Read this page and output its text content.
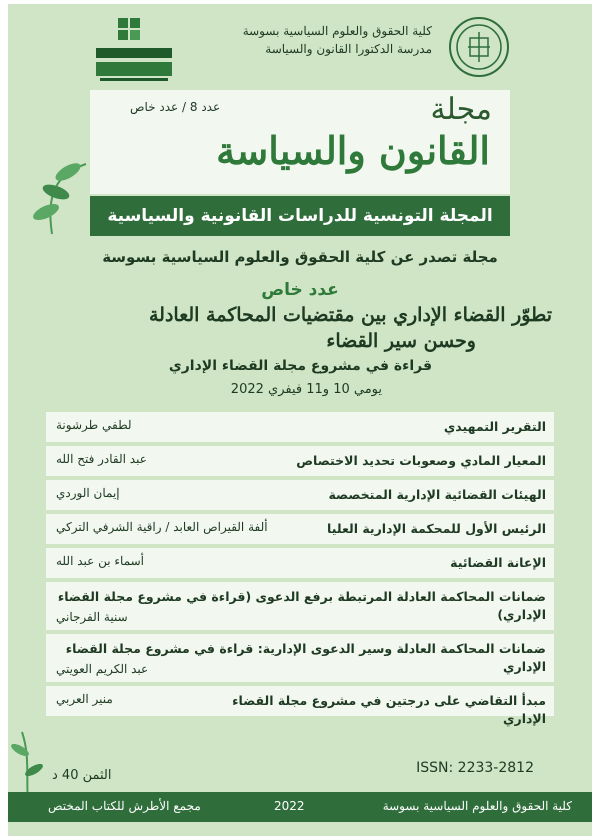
كلية الحقوق والعلوم السياسية بسوسة
مدرسة الدكتورا القانون والسياسة
مجلة
عدد 8 / عدد خاص
القانون والسياسة
المجلة التونسية للدراسات القانونية والسياسية
مجلة تصدر عن كلية الحقوق والعلوم السياسية بسوسة
عدد خاص
تطوّر القضاء الإداري بين مقتضيات المحاكمة العادلة
وحسن سير القضاء
قراءة في مشروع مجلة القضاء الإداري
يومي 10 و11 فيفري 2022
التقرير التمهيدي
لطفي طرشونة
المعيار المادي وصعوبات تحديد الاختصاص
عبد القادر فتح الله
الهيئات القضائية الإدارية المتخصصة
إيمان الوردي
الرئيس الأول للمحكمة الإدارية العليا
ألفة القيراص العابد / راقية الشرفي التركي
الإعانة القضائية
أسماء بن عبد الله
ضمانات المحاكمة العادلة المرتبطة برفع الدعوى (قراءة في مشروع مجلة القضاء الإداري)
سنية الفرجاني
ضمانات المحاكمة العادلة وسير الدعوى الإدارية: قراءة في مشروع مجلة القضاء الإداري
عبد الكريم العويتي
مبدأ التقاضي على درجتين في مشروع مجلة القضاء الإداري
منير العربي
الثمن 40 د	ISSN: 2233-2812
كلية الحقوق والعلوم السياسية بسوسة
2022
مجمع الأطرش للكتاب المختص
